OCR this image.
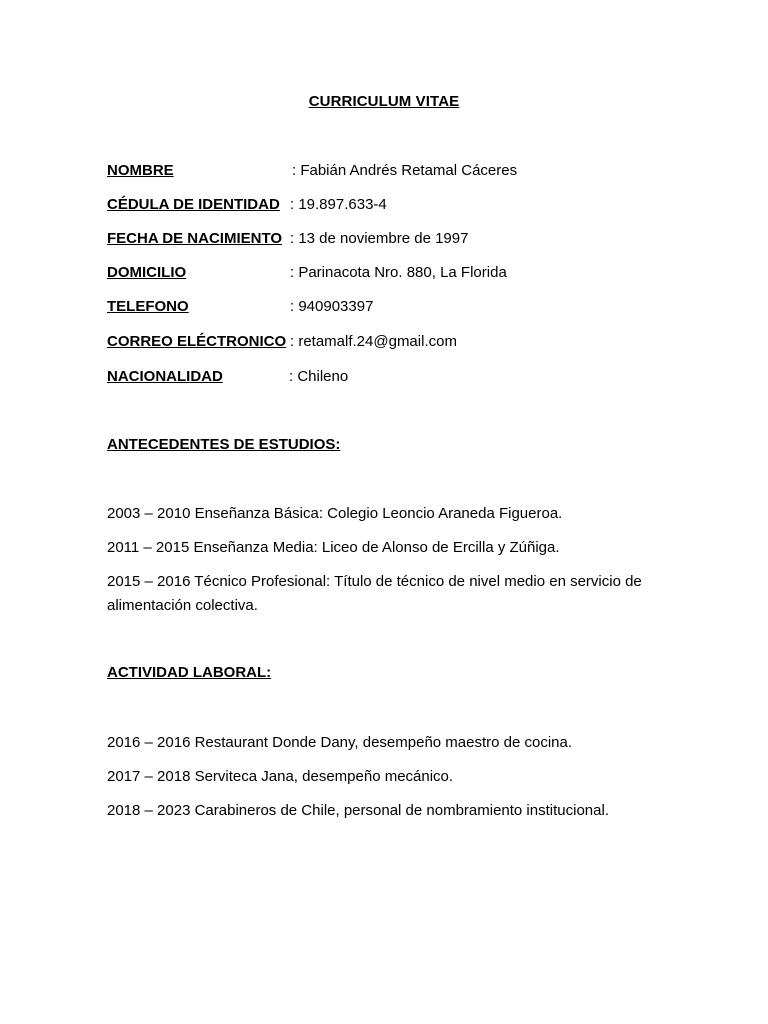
CURRICULUM VITAE
NOMBRE	: Fabián Andrés Retamal Cáceres
CÉDULA DE IDENTIDAD : 19.897.633-4
FECHA DE NACIMIENTO : 13 de noviembre de 1997
DOMICILIO	: Parinacota Nro. 880, La Florida
TELEFONO	: 940903397
CORREO ELÉCTRONICO : retamalf.24@gmail.com
NACIONALIDAD	: Chileno
ANTECEDENTES DE ESTUDIOS:
2003 – 2010 Enseñanza Básica: Colegio Leoncio Araneda Figueroa.
2011 – 2015 Enseñanza Media: Liceo de Alonso de Ercilla y Zúñiga.
2015 – 2016 Técnico Profesional: Título de técnico de nivel medio en servicio de alimentación colectiva.
ACTIVIDAD LABORAL:
2016 – 2016 Restaurant Donde Dany, desempeño maestro de cocina.
2017 – 2018 Serviteca Jana, desempeño mecánico.
2018 – 2023 Carabineros de Chile, personal de nombramiento institucional.
